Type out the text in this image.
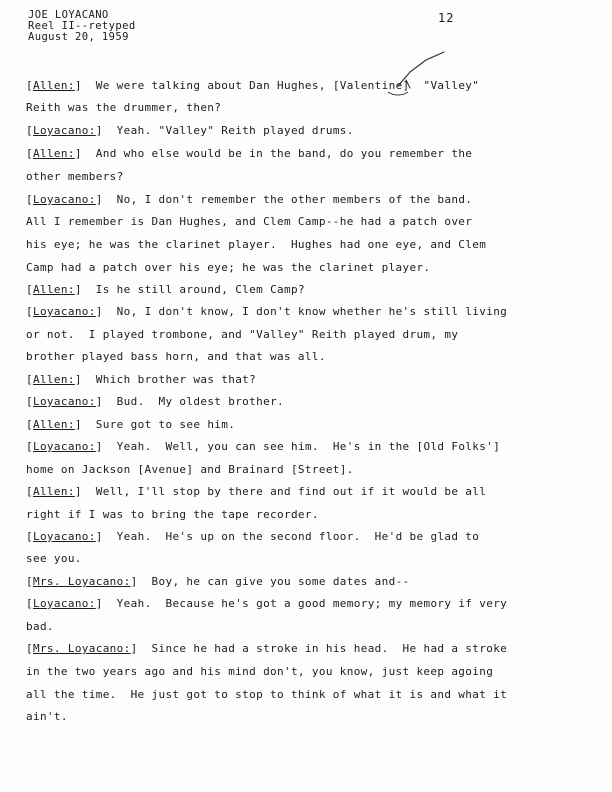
JOE LOYACANO
Reel II--retyped
August 20, 1959
12
[Allen:]  We were talking about Dan Hughes, [Valentine]  "Valley"
Reith was the drummer, then?
[Loyacano:]  Yeah. "Valley" Reith played drums.
[Allen:]  And who else would be in the band, do you remember the
other members?
[Loyacano:]  No, I don't remember the other members of the band.
All I remember is Dan Hughes, and Clem Camp--he had a patch over
his eye; he was the clarinet player.  Hughes had one eye, and Clem
Camp had a patch over his eye; he was the clarinet player.
[Allen:]  Is he still around, Clem Camp?
[Loyacano:]  No, I don't know, I don't know whether he's still living
or not.  I played trombone, and "Valley" Reith played drum, my
brother played bass horn, and that was all.
[Allen:]  Which brother was that?
[Loyacano:]  Bud.  My oldest brother.
[Allen:]  Sure got to see him.
[Loyacano:]  Yeah.  Well, you can see him.  He's in the [Old Folks']
home on Jackson [Avenue] and Brainard [Street].
[Allen:]  Well, I'll stop by there and find out if it would be all
right if I was to bring the tape recorder.
[Loyacano:]  Yeah.  He's up on the second floor.  He'd be glad to
see you.
[Mrs. Loyacano:]  Boy, he can give you some dates and--
[Loyacano:]  Yeah.  Because he's got a good memory; my memory if very
bad.
[Mrs. Loyacano:]  Since he had a stroke in his head.  He had a stroke
in the two years ago and his mind don't, you know, just keep agoing
all the time.  He just got to stop to think of what it is and what it
ain't.
